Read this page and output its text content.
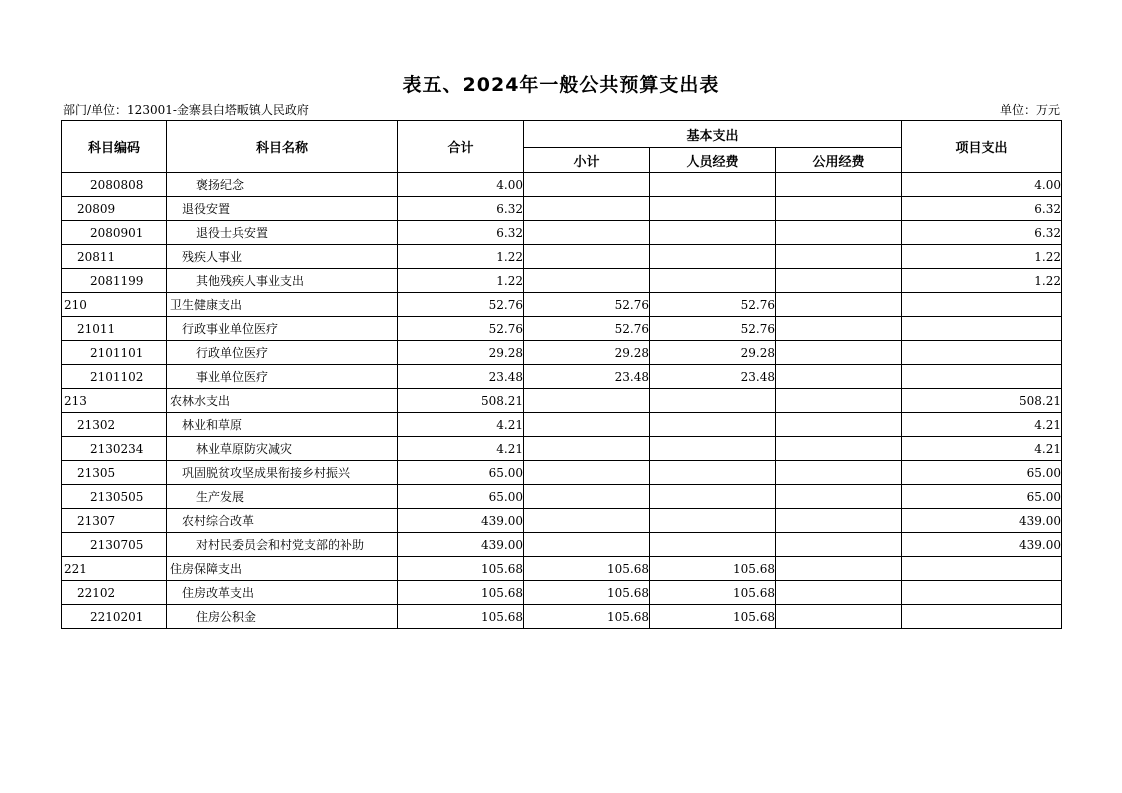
表五、2024年一般公共预算支出表
部门/单位：123001-金寨县白塔畈镇人民政府	单位：万元
科目编码	科目名称	合计	基本支出			项目支出
			小计	人员经费	公用经费	
2080808	褒扬纪念	4.00				4.00
20809	退役安置	6.32				6.32
2080901	退役士兵安置	6.32				6.32
20811	残疾人事业	1.22				1.22
2081199	其他残疾人事业支出	1.22				1.22
210	卫生健康支出	52.76	52.76	52.76		
21011	行政事业单位医疗	52.76	52.76	52.76		
2101101	行政单位医疗	29.28	29.28	29.28		
2101102	事业单位医疗	23.48	23.48	23.48		
213	农林水支出	508.21				508.21
21302	林业和草原	4.21				4.21
2130234	林业草原防灾减灾	4.21				4.21
21305	巩固脱贫攻坚成果衔接乡村振兴	65.00				65.00
2130505	生产发展	65.00				65.00
21307	农村综合改革	439.00				439.00
2130705	对村民委员会和村党支部的补助	439.00				439.00
221	住房保障支出	105.68	105.68	105.68		
22102	住房改革支出	105.68	105.68	105.68		
2210201	住房公积金	105.68	105.68	105.68		
